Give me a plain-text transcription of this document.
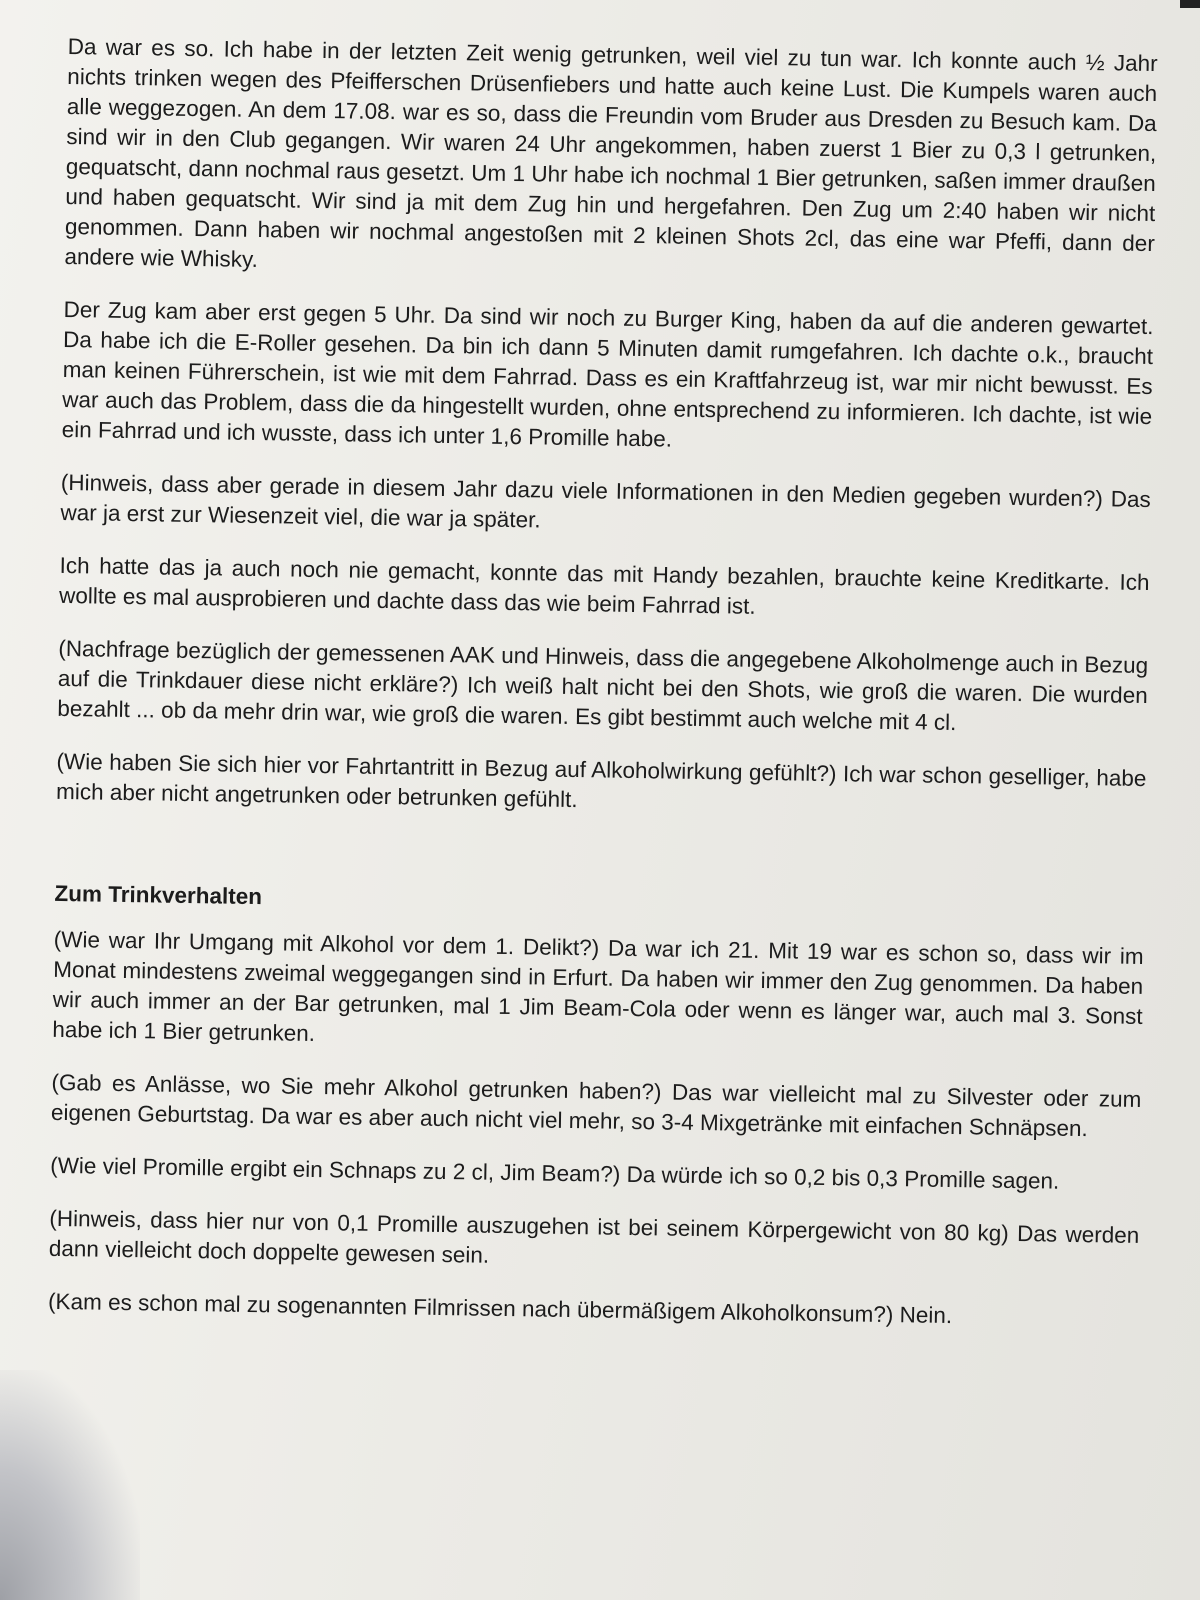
Da war es so. Ich habe in der letzten Zeit wenig getrunken, weil viel zu tun war. Ich konnte auch ½ Jahr nichts trinken wegen des Pfeifferschen Drüsenfiebers und hatte auch keine Lust. Die Kumpels waren auch alle weggezogen. An dem 17.08. war es so, dass die Freundin vom Bruder aus Dresden zu Besuch kam. Da sind wir in den Club gegangen. Wir waren 24 Uhr angekommen, haben zuerst 1 Bier zu 0,3 l getrunken, gequatscht, dann nochmal raus gesetzt. Um 1 Uhr habe ich nochmal 1 Bier getrunken, saßen immer draußen und haben gequatscht. Wir sind ja mit dem Zug hin und hergefahren. Den Zug um 2:40 haben wir nicht genommen. Dann haben wir nochmal angestoßen mit 2 kleinen Shots 2cl, das eine war Pfeffi, dann der andere wie Whisky.

Der Zug kam aber erst gegen 5 Uhr. Da sind wir noch zu Burger King, haben da auf die anderen gewartet. Da habe ich die E-Roller gesehen. Da bin ich dann 5 Minuten damit rumgefahren. Ich dachte o.k., braucht man keinen Führerschein, ist wie mit dem Fahrrad. Dass es ein Kraftfahrzeug ist, war mir nicht bewusst. Es war auch das Problem, dass die da hingestellt wurden, ohne entsprechend zu informieren. Ich dachte, ist wie ein Fahrrad und ich wusste, dass ich unter 1,6 Promille habe.

(Hinweis, dass aber gerade in diesem Jahr dazu viele Informationen in den Medien gegeben wurden?) Das war ja erst zur Wiesenzeit viel, die war ja später.

Ich hatte das ja auch noch nie gemacht, konnte das mit Handy bezahlen, brauchte keine Kreditkarte. Ich wollte es mal ausprobieren und dachte dass das wie beim Fahrrad ist.

(Nachfrage bezüglich der gemessenen AAK und Hinweis, dass die angegebene Alkoholmenge auch in Bezug auf die Trinkdauer diese nicht erkläre?) Ich weiß halt nicht bei den Shots, wie groß die waren. Die wurden bezahlt ... ob da mehr drin war, wie groß die waren. Es gibt bestimmt auch welche mit 4 cl.

(Wie haben Sie sich hier vor Fahrtantritt in Bezug auf Alkoholwirkung gefühlt?) Ich war schon geselliger, habe mich aber nicht angetrunken oder betrunken gefühlt.

Zum Trinkverhalten

(Wie war Ihr Umgang mit Alkohol vor dem 1. Delikt?) Da war ich 21. Mit 19 war es schon so, dass wir im Monat mindestens zweimal weggegangen sind in Erfurt. Da haben wir immer den Zug genommen. Da haben wir auch immer an der Bar getrunken, mal 1 Jim Beam-Cola oder wenn es länger war, auch mal 3. Sonst habe ich 1 Bier getrunken.

(Gab es Anlässe, wo Sie mehr Alkohol getrunken haben?) Das war vielleicht mal zu Silvester oder zum eigenen Geburtstag. Da war es aber auch nicht viel mehr, so 3-4 Mixgetränke mit einfachen Schnäpsen.

(Wie viel Promille ergibt ein Schnaps zu 2 cl, Jim Beam?) Da würde ich so 0,2 bis 0,3 Promille sagen.

(Hinweis, dass hier nur von 0,1 Promille auszugehen ist bei seinem Körpergewicht von 80 kg) Das werden dann vielleicht doch doppelte gewesen sein.

(Kam es schon mal zu sogenannten Filmrissen nach übermäßigem Alkoholkonsum?) Nein.
